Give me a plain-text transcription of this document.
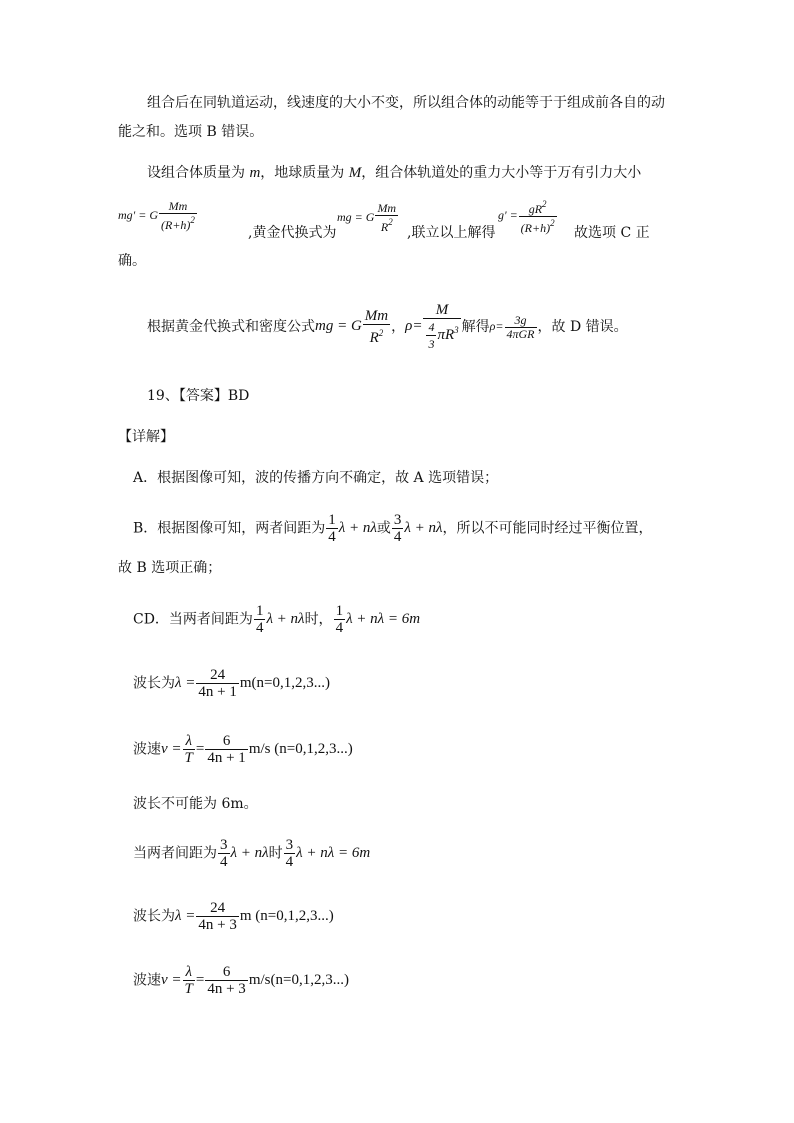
组合后在同轨道运动，线速度的大小不变，所以组合体的动能等于于组成前各自的动
能之和。选项 B 错误。
设组合体质量为 m，地球质量为 M，组合体轨道处的重力大小等于万有引力大小
mg' = G $\frac{Mm}{(R+h)^2}$
,黄金代换式为
mg = G $\frac{Mm}{R^2}$ ,联立以上解得
$g' = \frac{gR^2}{(R+h)^2}$ 故选项 C 正
确。
根据黄金代换式和密度公式mg = G $\frac{Mm}{R^2}$ ，$\rho= \frac{M}{\frac{4}{3} \pi R^3}$ 解得$\rho= \frac{3g}{\text{4πGR}}$ ，故 D 错误。
19、【答案】BD
【详解】
A．根据图像可知，波的传播方向不确定，故 A 选项错误；
B．根据图像可知，两者间距为 $\frac{1}{4}$ λ + nλ或 $\frac{3}{4}$ λ + nλ，所以不可能同时经过平衡位置，
故 B 选项正确；
CD．当两者间距为 $\frac{1}{4}$ λ + nλ时， $\frac{1}{4}$ λ + nλ = 6m
波长为$\lambda = \frac{24}{4n + 1} m(n=0,1,2,3...)$
波速$v = \frac{\lambda}{T} = \frac{6}{4n + 1} m/s$ (n=0,1,2,3...)
波长不可能为 6m。
当两者间距为 $\frac{3}{4}$ λ + nλ时 $\frac{3}{4}$ λ + nλ = 6m
波长为$\lambda = \frac{24}{4n + 3}$ m (n=0,1,2,3...)
波速$v = \frac{\lambda}{T} = \frac{6}{4n + 3} m/s(n=0,1,2,3...)$
